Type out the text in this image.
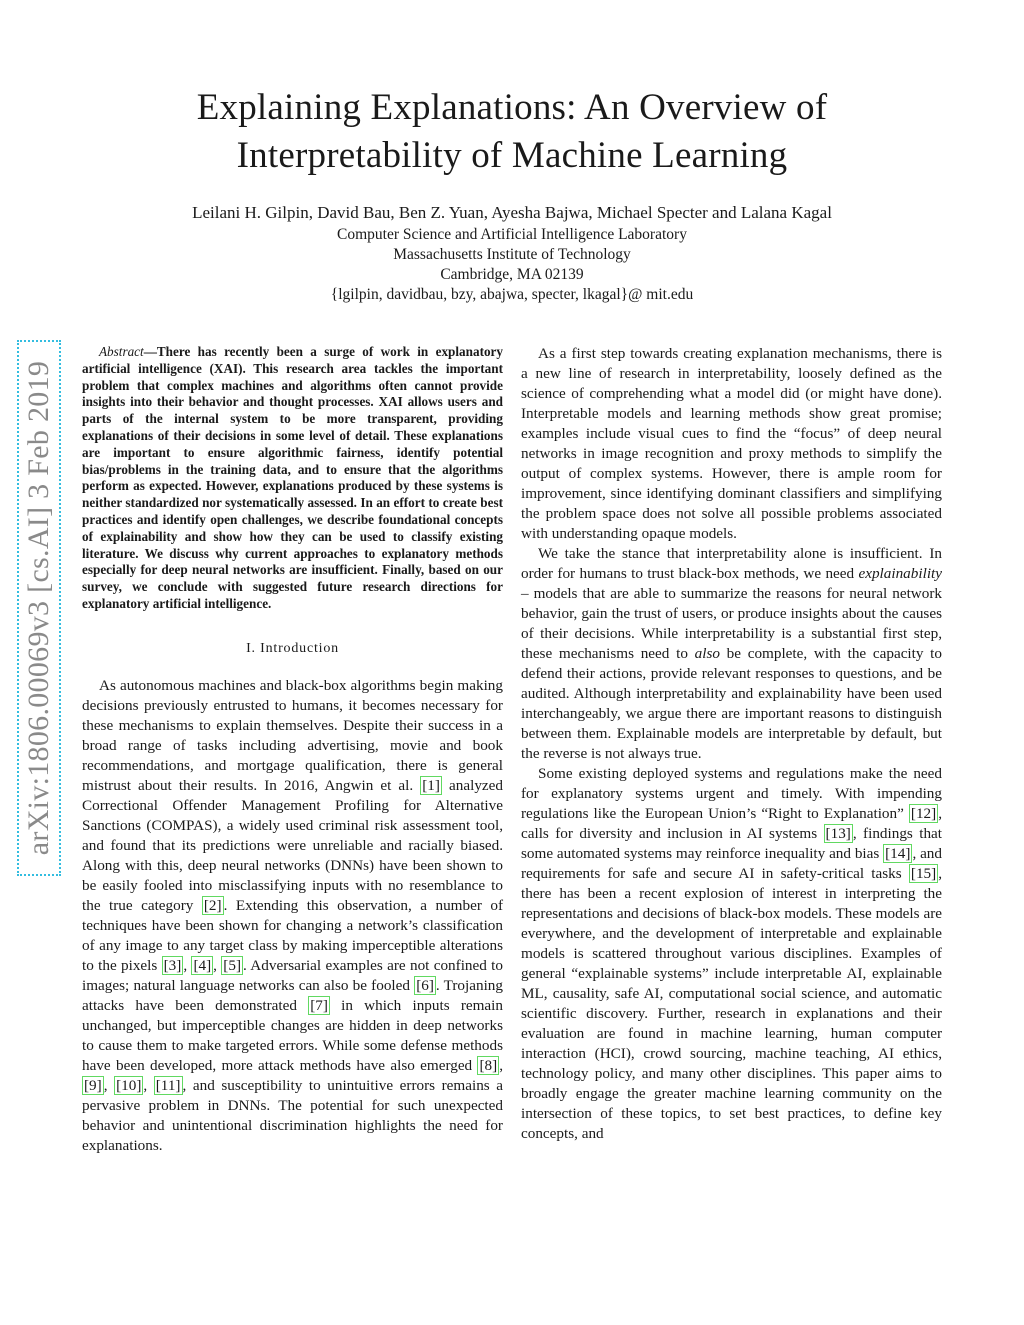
Explaining Explanations: An Overview of
Interpretability of Machine Learning
Leilani H. Gilpin, David Bau, Ben Z. Yuan, Ayesha Bajwa, Michael Specter and Lalana Kagal
Computer Science and Artificial Intelligence Laboratory
Massachusetts Institute of Technology
Cambridge, MA 02139
{lgilpin, davidbau, bzy, abajwa, specter, lkagal}@ mit.edu
arXiv:1806.00069v3 [cs.AI] 3 Feb 2019

Abstract—There has recently been a surge of work in explanatory artificial intelligence (XAI). This research area tackles the important problem that complex machines and algorithms often cannot provide insights into their behavior and thought processes. XAI allows users and parts of the internal system to be more transparent, providing explanations of their decisions in some level of detail. These explanations are important to ensure algorithmic fairness, identify potential bias/problems in the training data, and to ensure that the algorithms perform as expected. However, explanations produced by these systems is neither standardized nor systematically assessed. In an effort to create best practices and identify open challenges, we describe foundational concepts of explainability and show how they can be used to classify existing literature. We discuss why current approaches to explanatory methods especially for deep neural networks are insufficient. Finally, based on our survey, we conclude with suggested future research directions for explanatory artificial intelligence.

I. Introduction

As autonomous machines and black-box algorithms begin making decisions previously entrusted to humans, it becomes necessary for these mechanisms to explain themselves. Despite their success in a broad range of tasks including advertising, movie and book recommendations, and mortgage qualification, there is general mistrust about their results. In 2016, Angwin et al. [1] analyzed Correctional Offender Management Profiling for Alternative Sanctions (COMPAS), a widely used criminal risk assessment tool, and found that its predictions were unreliable and racially biased. Along with this, deep neural networks (DNNs) have been shown to be easily fooled into misclassifying inputs with no resemblance to the true category [2] . Extending this observation, a number of techniques have been shown for changing a network’s classification of any image to any target class by making imperceptible alterations to the pixels [3] , [4] , [5] . Adversarial examples are not confined to images; natural language networks can also be fooled [6] . Trojaning attacks have been demonstrated [7] in which inputs remain unchanged, but imperceptible changes are hidden in deep networks to cause them to make targeted errors. While some defense methods have been developed, more attack methods have also emerged [8] , [9] , [10] , [11] , and susceptibility to unintuitive errors remains a pervasive problem in DNNs. The potential for such unexpected behavior and unintentional discrimination highlights the need for explanations.

As a first step towards creating explanation mechanisms, there is a new line of research in interpretability, loosely defined as the science of comprehending what a model did (or might have done). Interpretable models and learning methods show great promise; examples include visual cues to find the “focus” of deep neural networks in image recognition and proxy methods to simplify the output of complex systems. However, there is ample room for improvement, since identifying dominant classifiers and simplifying the problem space does not solve all possible problems associated with understanding opaque models.

We take the stance that interpretability alone is insufficient. In order for humans to trust black-box methods, we need explainability – models that are able to summarize the reasons for neural network behavior, gain the trust of users, or produce insights about the causes of their decisions. While interpretability is a substantial first step, these mechanisms need to also be complete, with the capacity to defend their actions, provide relevant responses to questions, and be audited. Although interpretability and explainability have been used interchangeably, we argue there are important reasons to distinguish between them. Explainable models are interpretable by default, but the reverse is not always true.

Some existing deployed systems and regulations make the need for explanatory systems urgent and timely. With impending regulations like the European Union’s “Right to Explanation” [12] , calls for diversity and inclusion in AI systems [13] , findings that some automated systems may reinforce inequality and bias [14] , and requirements for safe and secure AI in safety-critical tasks [15] , there has been a recent explosion of interest in interpreting the representations and decisions of black-box models. These models are everywhere, and the development of interpretable and explainable models is scattered throughout various disciplines. Examples of general “explainable systems” include interpretable AI, explainable ML, causality, safe AI, computational social science, and automatic scientific discovery. Further, research in explanations and their evaluation are found in machine learning, human computer interaction (HCI), crowd sourcing, machine teaching, AI ethics, technology policy, and many other disciplines. This paper aims to broadly engage the greater machine learning community on the intersection of these topics, to set best practices, to define key concepts, and
